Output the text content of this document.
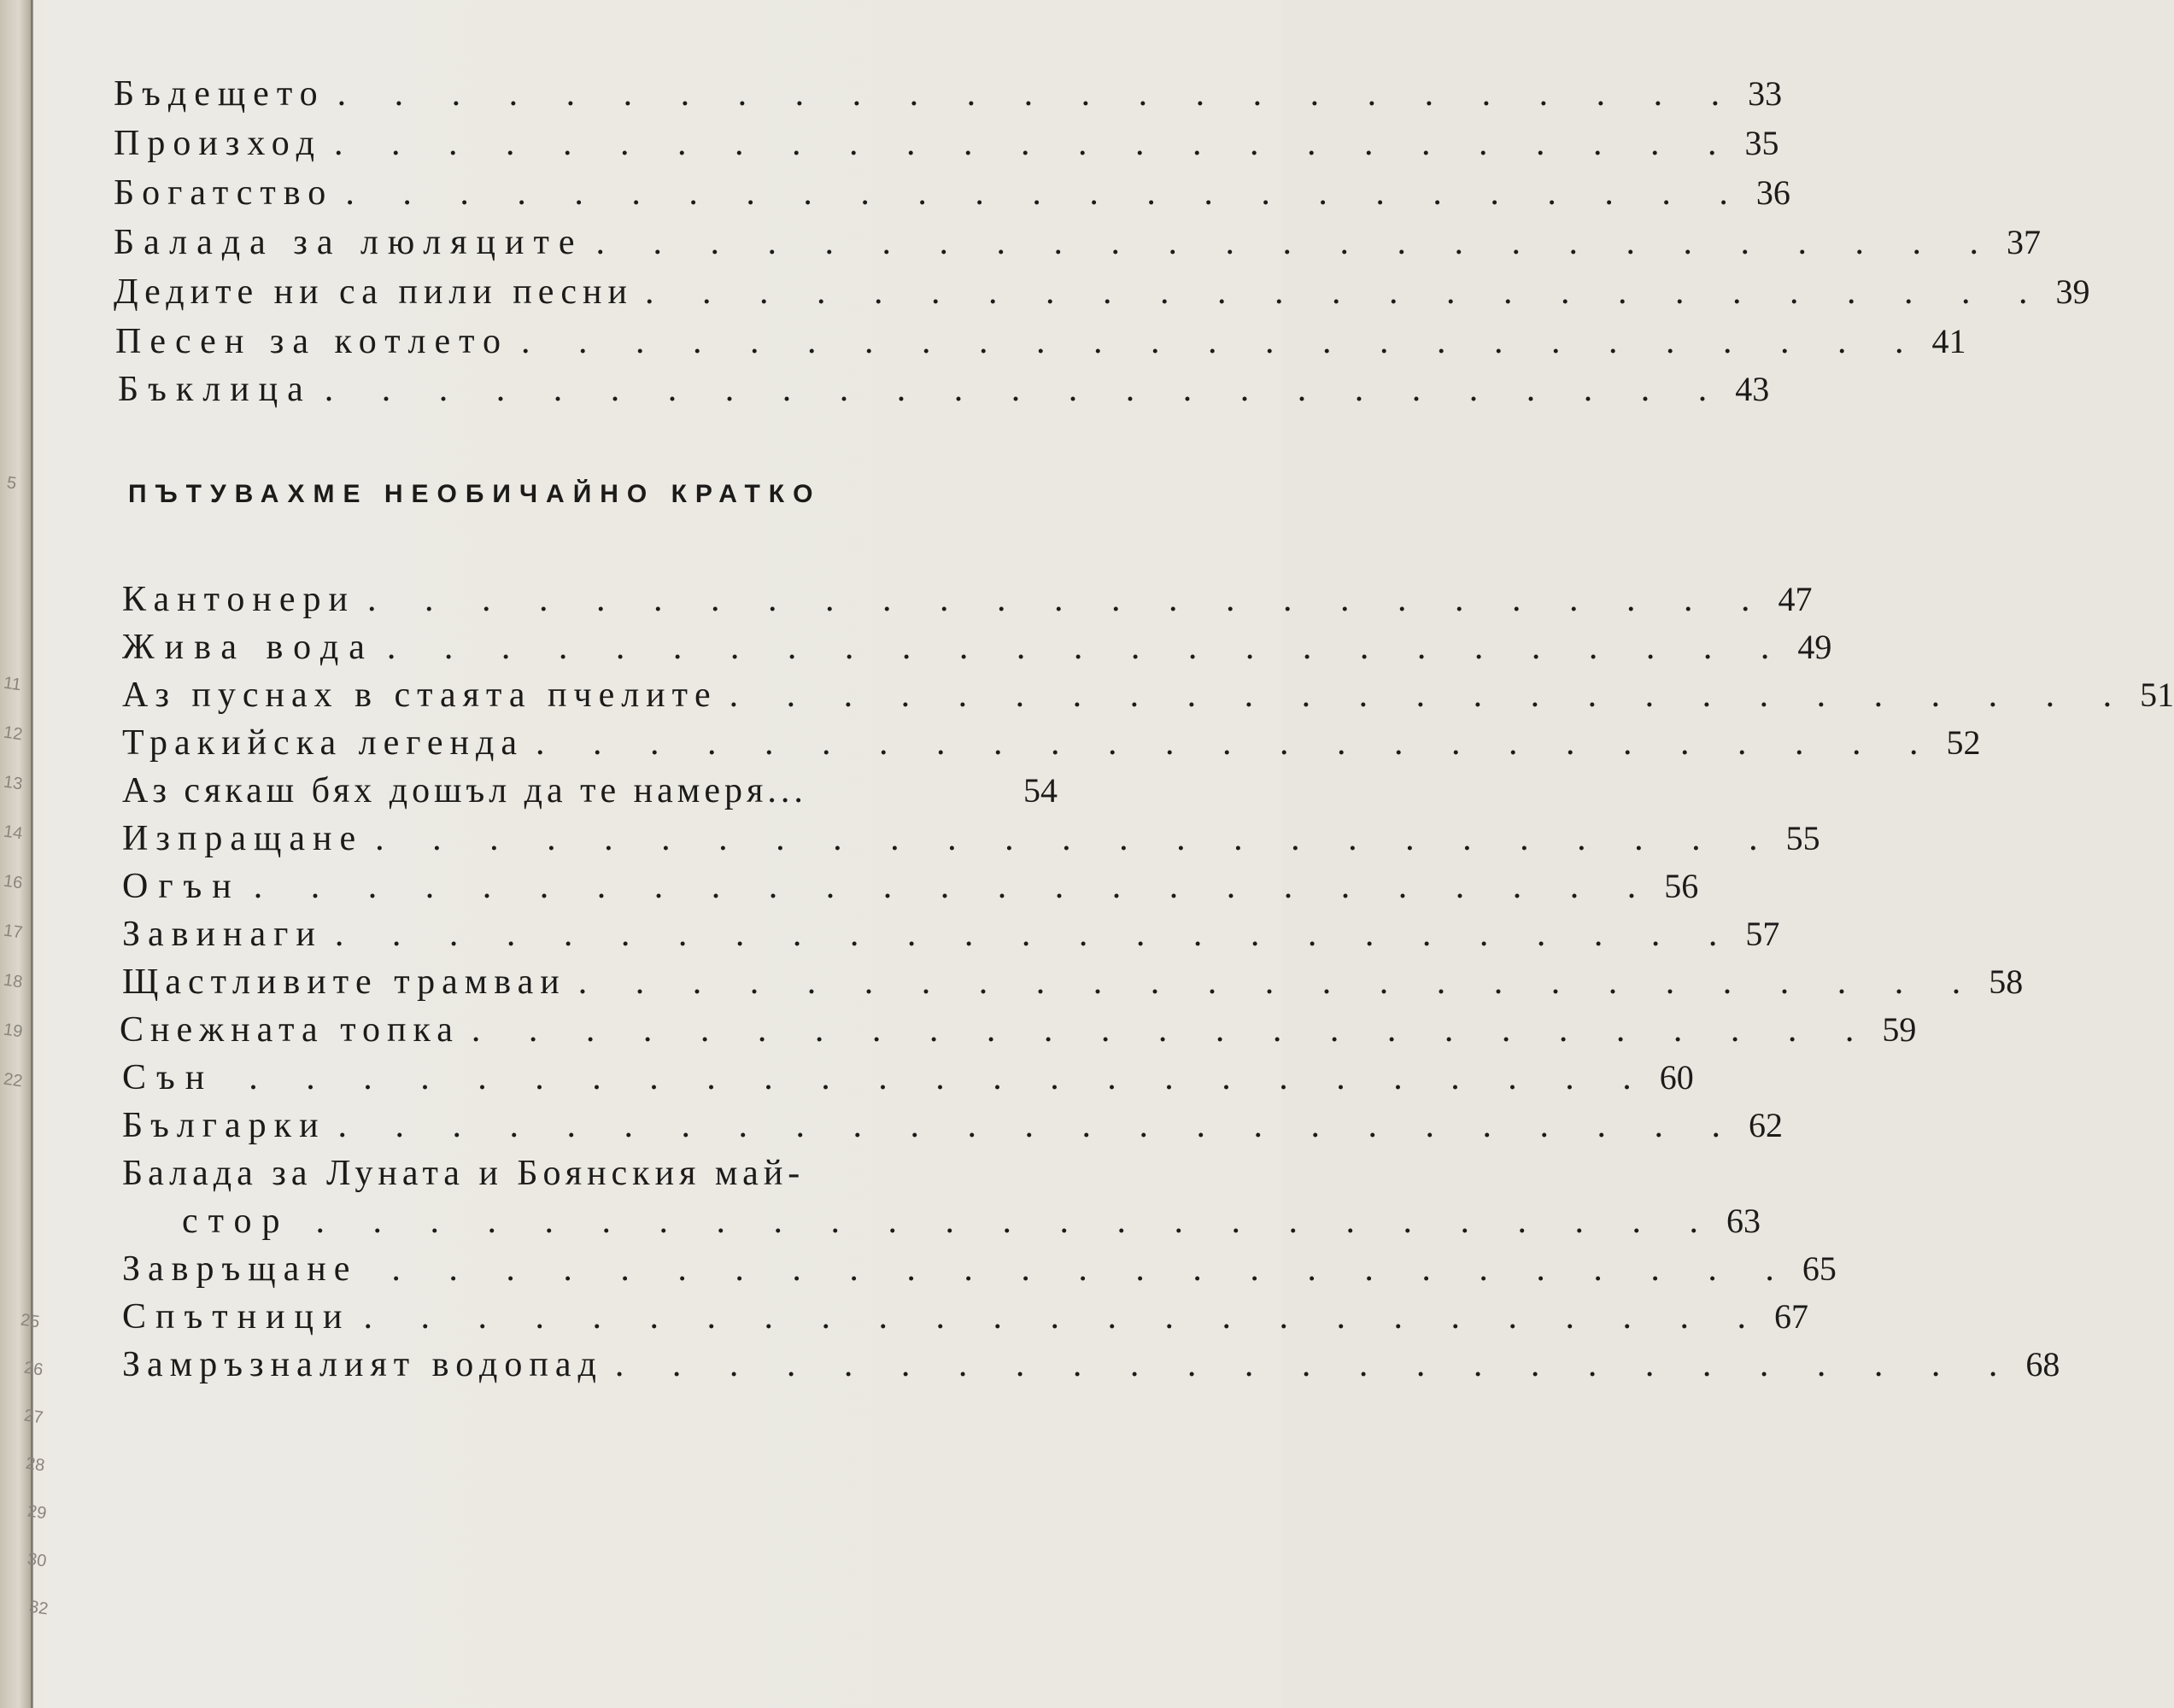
5
11
12
13
14
16
17
18
19
22
25
26
27
28
29
30
32
Бъдещето . . . . . . . . . . . . . . . . . . . . . . . . . 33
Произход . . . . . . . . . . . . . . . . . . . . . . . . . 35
Богатство . . . . . . . . . . . . . . . . . . . . . . . . . 36
Балада за люляците . . . . . . . . . . . . . . . . . . . . . . . . . 37
Дедите ни са пили песни . . . . . . . . . . . . . . . . . . . . . . . . . 39
Песен за котлето . . . . . . . . . . . . . . . . . . . . . . . . . 41
Бъклица . . . . . . . . . . . . . . . . . . . . . . . . . 43
ПЪТУВАХМЕ НЕОБИЧАЙНО КРАТКО
Кантонери . . . . . . . . . . . . . . . . . . . . . . . . . 47
Жива вода . . . . . . . . . . . . . . . . . . . . . . . . . 49
Аз пуснах в стаята пчелите . . . . . . . . . . . . . . . . . . . . . . . . . 51
Тракийска легенда . . . . . . . . . . . . . . . . . . . . . . . . . 52
Аз сякаш бях дошъл да те намеря...	54
Изпращане . . . . . . . . . . . . . . . . . . . . . . . . . 55
Огън . . . . . . . . . . . . . . . . . . . . . . . . . 56
Завинаги . . . . . . . . . . . . . . . . . . . . . . . . . 57
Щастливите трамваи . . . . . . . . . . . . . . . . . . . . . . . . . 58
Снежната топка . . . . . . . . . . . . . . . . . . . . . . . . . 59
Сън . . . . . . . . . . . . . . . . . . . . . . . . . 60
Българки . . . . . . . . . . . . . . . . . . . . . . . . . 62
Балада за Луната и Боянския май-
стор . . . . . . . . . . . . . . . . . . . . . . . . . 63
Завръщане . . . . . . . . . . . . . . . . . . . . . . . . . 65
Спътници . . . . . . . . . . . . . . . . . . . . . . . . . 67
Замръзналият водопад . . . . . . . . . . . . . . . . . . . . . . . . . 68
